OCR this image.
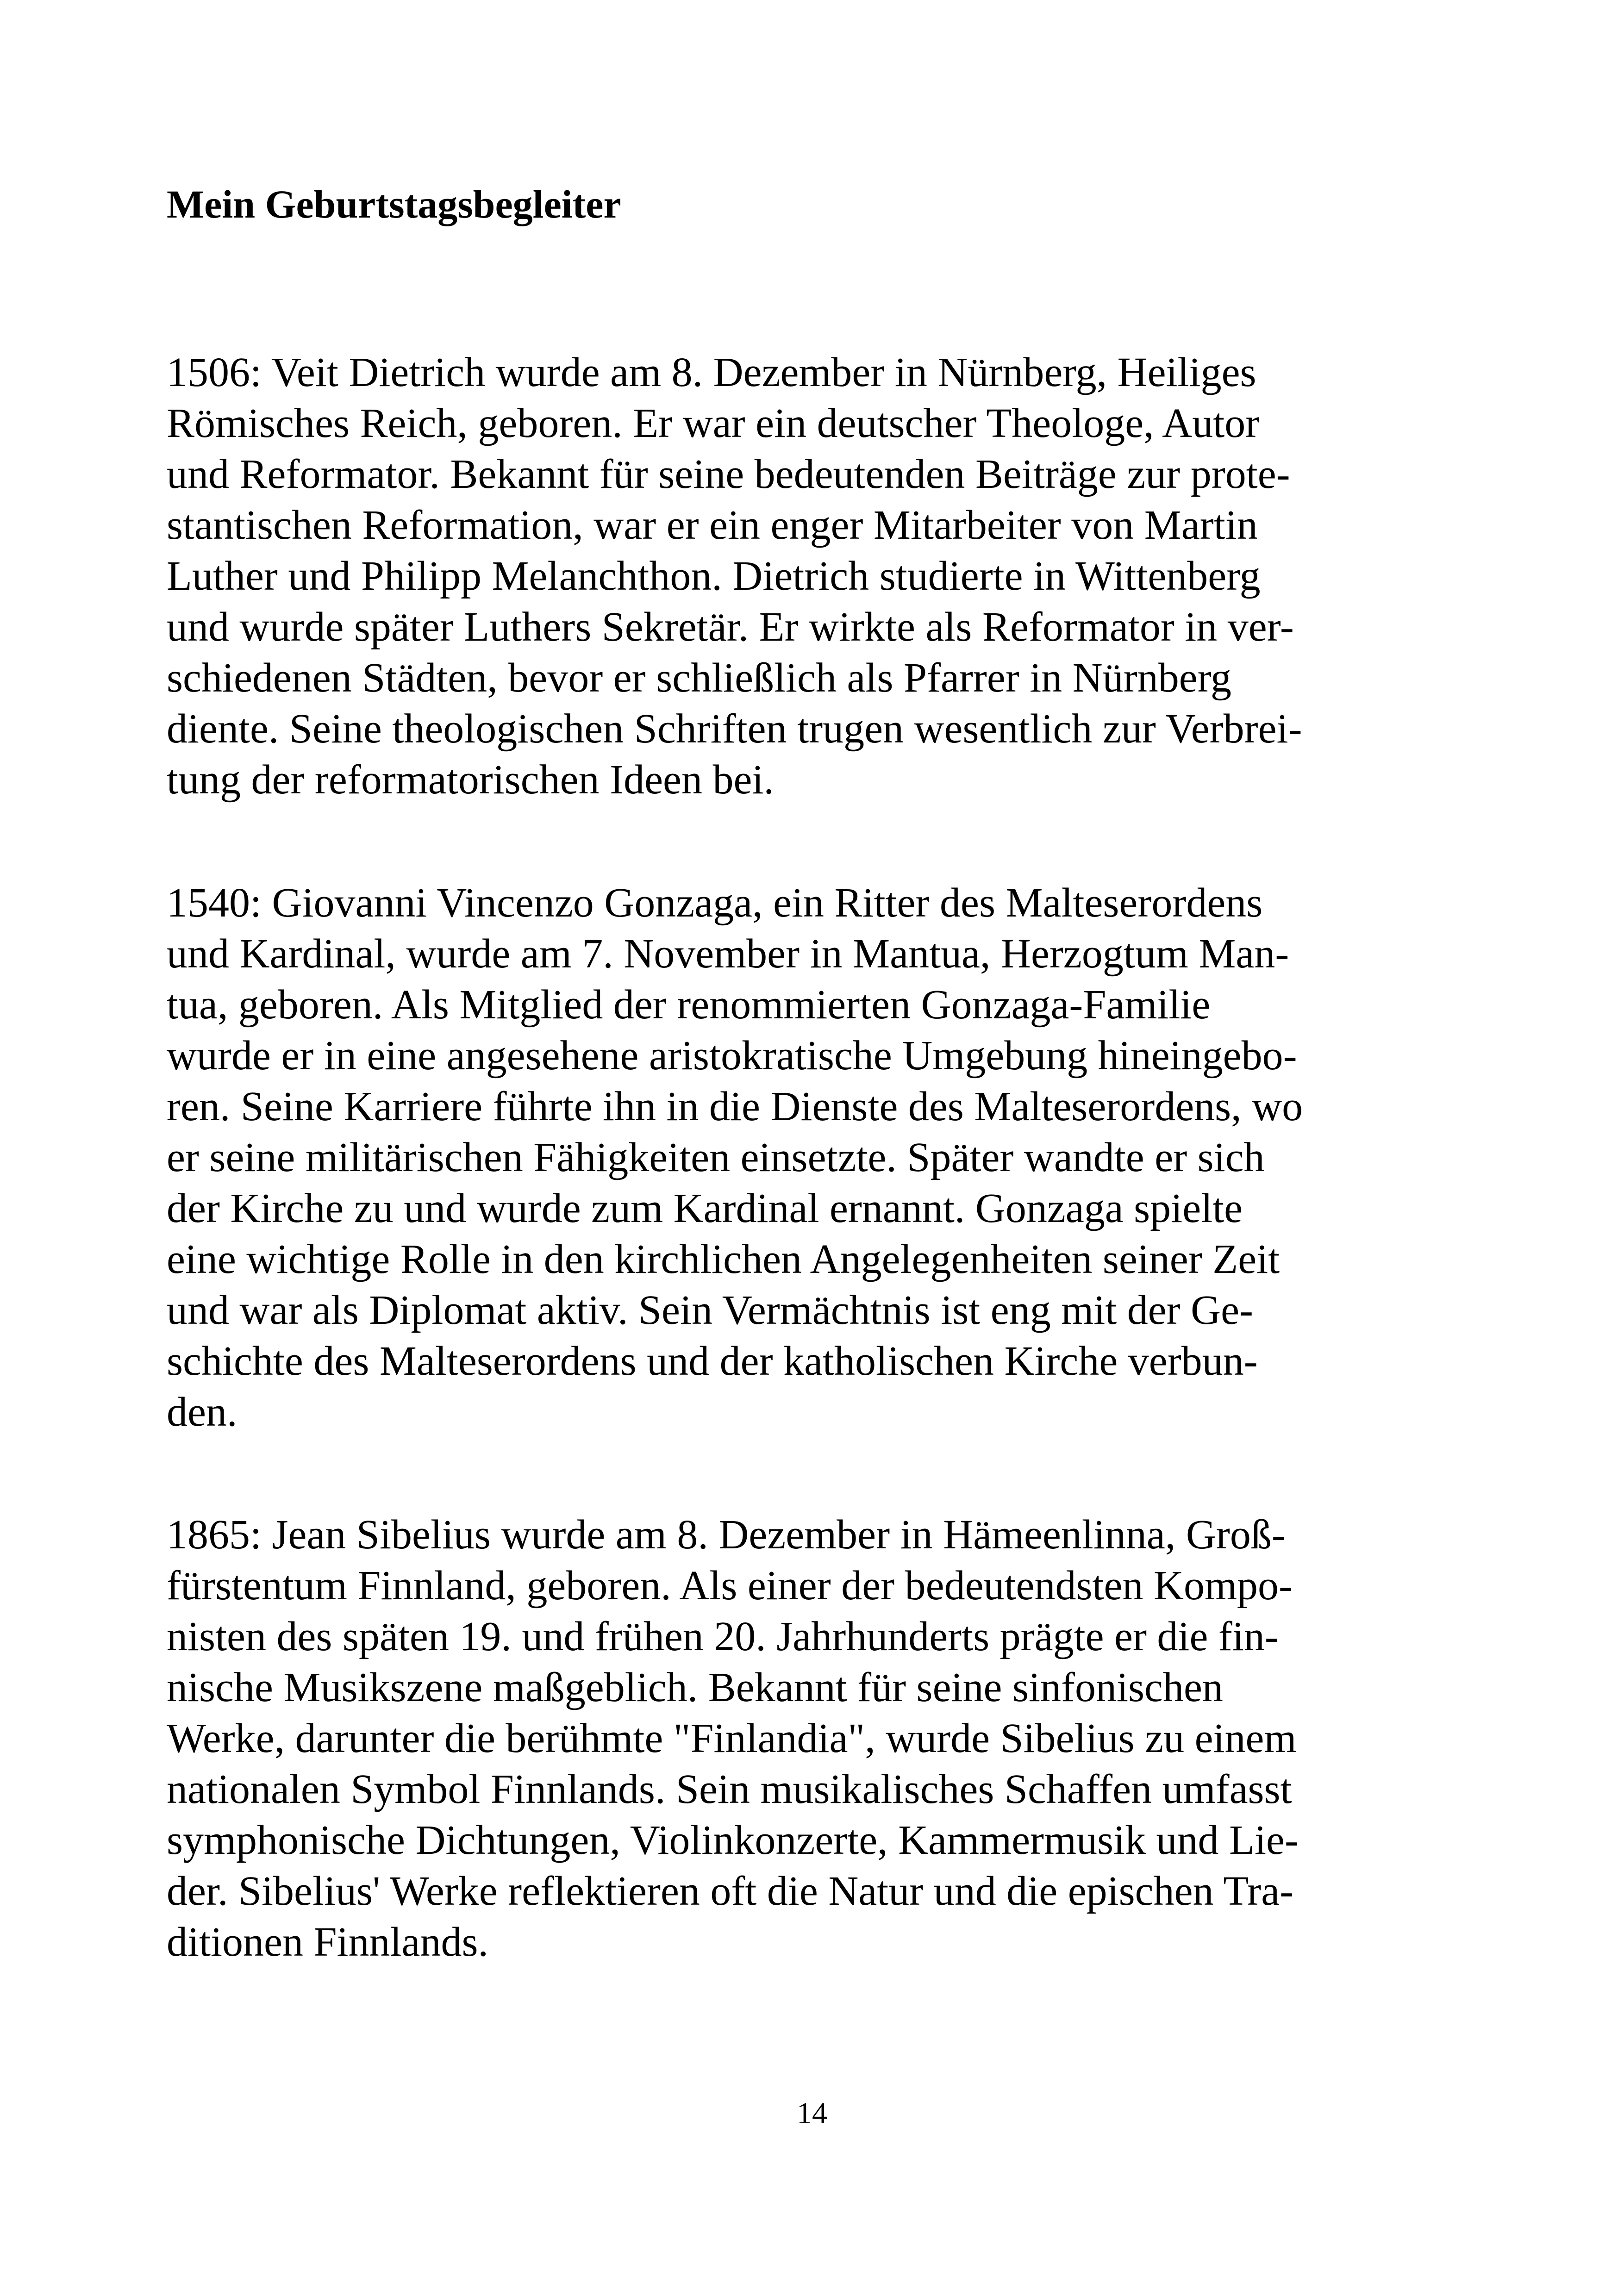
Mein Geburtstagsbegleiter

1506: Veit Dietrich wurde am 8. Dezember in Nürnberg, Heiliges
Römisches Reich, geboren. Er war ein deutscher Theologe, Autor
und Reformator. Bekannt für seine bedeutenden Beiträge zur prote-
stantischen Reformation, war er ein enger Mitarbeiter von Martin
Luther und Philipp Melanchthon. Dietrich studierte in Wittenberg
und wurde später Luthers Sekretär. Er wirkte als Reformator in ver-
schiedenen Städten, bevor er schließlich als Pfarrer in Nürnberg
diente. Seine theologischen Schriften trugen wesentlich zur Verbrei-
tung der reformatorischen Ideen bei.

1540: Giovanni Vincenzo Gonzaga, ein Ritter des Malteserordens
und Kardinal, wurde am 7. November in Mantua, Herzogtum Man-
tua, geboren. Als Mitglied der renommierten Gonzaga-Familie
wurde er in eine angesehene aristokratische Umgebung hineingebo-
ren. Seine Karriere führte ihn in die Dienste des Malteserordens, wo
er seine militärischen Fähigkeiten einsetzte. Später wandte er sich
der Kirche zu und wurde zum Kardinal ernannt. Gonzaga spielte
eine wichtige Rolle in den kirchlichen Angelegenheiten seiner Zeit
und war als Diplomat aktiv. Sein Vermächtnis ist eng mit der Ge-
schichte des Malteserordens und der katholischen Kirche verbun-
den.

1865: Jean Sibelius wurde am 8. Dezember in Hämeenlinna, Groß-
fürstentum Finnland, geboren. Als einer der bedeutendsten Kompo-
nisten des späten 19. und frühen 20. Jahrhunderts prägte er die fin-
nische Musikszene maßgeblich. Bekannt für seine sinfonischen
Werke, darunter die berühmte "Finlandia", wurde Sibelius zu einem
nationalen Symbol Finnlands. Sein musikalisches Schaffen umfasst
symphonische Dichtungen, Violinkonzerte, Kammermusik und Lie-
der. Sibelius' Werke reflektieren oft die Natur und die epischen Tra-
ditionen Finnlands.

14
